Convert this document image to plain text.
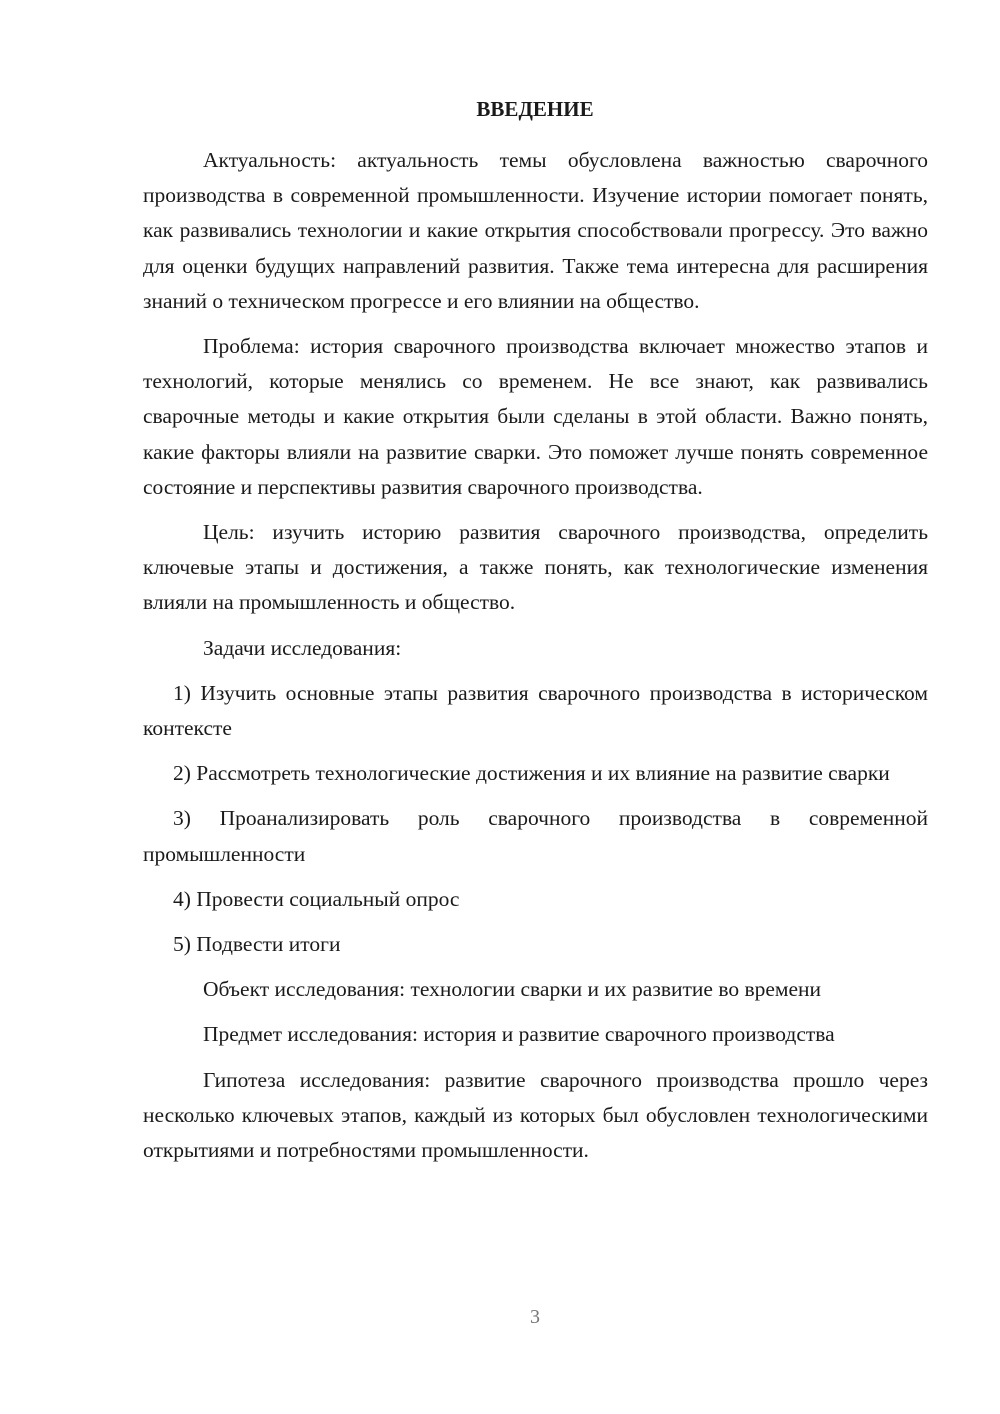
ВВЕДЕНИЕ

Актуальность: актуальность темы обусловлена важностью сварочного производства в современной промышленности. Изучение истории помогает понять, как развивались технологии и какие открытия способствовали прогрессу. Это важно для оценки будущих направлений развития. Также тема интересна для расширения знаний о техническом прогрессе и его влиянии на общество.

Проблема: история сварочного производства включает множество этапов и технологий, которые менялись со временем. Не все знают, как развивались сварочные методы и какие открытия были сделаны в этой области. Важно понять, какие факторы влияли на развитие сварки. Это поможет лучше понять современное состояние и перспективы развития сварочного производства.

Цель: изучить историю развития сварочного производства, определить ключевые этапы и достижения, а также понять, как технологические изменения влияли на промышленность и общество.

Задачи исследования:

1) Изучить основные этапы развития сварочного производства в историческом контексте

2) Рассмотреть технологические достижения и их влияние на развитие сварки

3) Проанализировать роль сварочного производства в современной промышленности

4) Провести социальный опрос

5) Подвести итоги

Объект исследования: технологии сварки и их развитие во времени

Предмет исследования: история и развитие сварочного производства

Гипотеза исследования: развитие сварочного производства прошло через несколько ключевых этапов, каждый из которых был обусловлен технологическими открытиями и потребностями промышленности.

3
